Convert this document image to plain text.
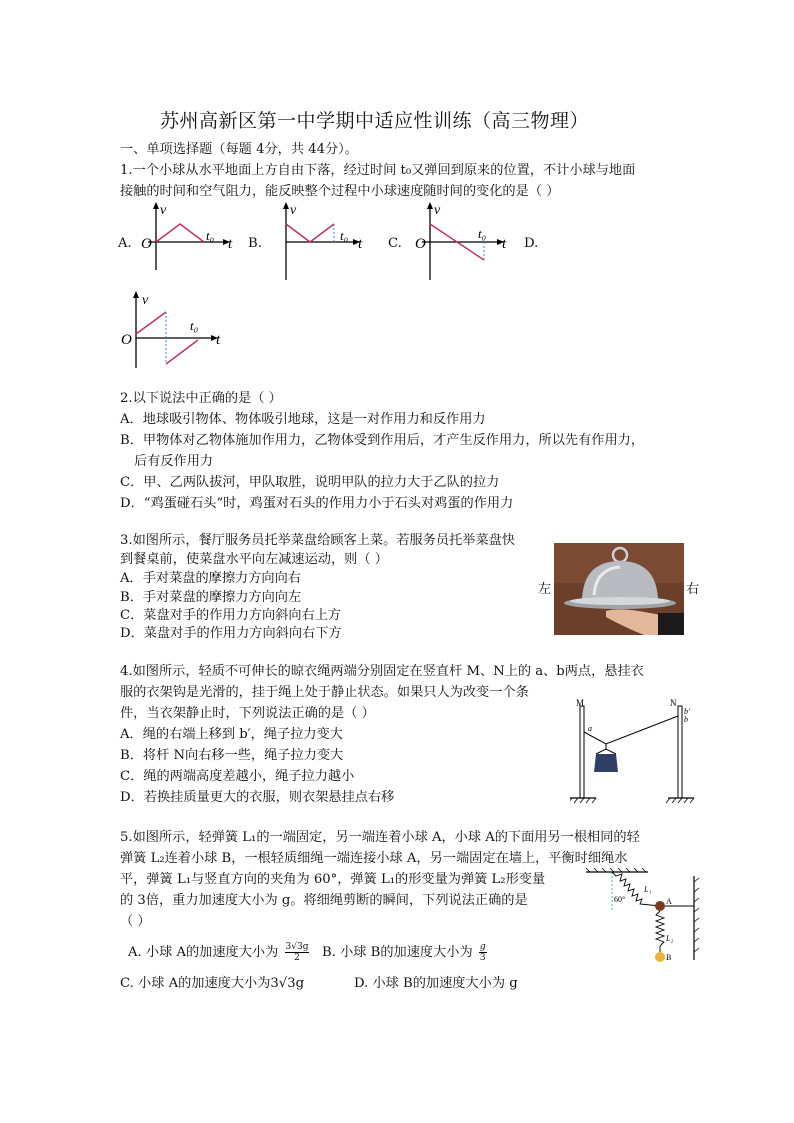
苏州高新区第一中学期中适应性训练（高三物理）
一、单项选择题（每题 4分，共 44分）。
1.一个小球从水平地面上方自由下落，经过时间 t₀又弹回到原来的位置，不计小球与地面
接触的时间和空气阻力，能反映整个过程中小球速度随时间的变化的是（ ）
A.
v
O
t₀
t B.
v
t₀
t C.
v
O
t₀
t D.
v
O
t₀
t
2.以下说法中正确的是（ ）
A．地球吸引物体、物体吸引地球，这是一对作用力和反作用力
B．甲物体对乙物体施加作用力，乙物体受到作用后，才产生反作用力，所以先有作用力，
后有反作用力
C．甲、乙两队拔河，甲队取胜，说明甲队的拉力大于乙队的拉力
D．“鸡蛋碰石头”时，鸡蛋对石头的作用力小于石头对鸡蛋的作用力
3.如图所示，餐厅服务员托举菜盘给顾客上菜。若服务员托举菜盘快
到餐桌前，使菜盘水平向左减速运动，则（ ）
A．手对菜盘的摩擦力方向向右
B．手对菜盘的摩擦力方向向左
C．菜盘对手的作用力方向斜向右上方
D．菜盘对手的作用力方向斜向右下方
左	右
4.如图所示，轻质不可伸长的晾衣绳两端分别固定在竖直杆 M、N上的 a、b两点，悬挂衣
服的衣架钩是光滑的，挂于绳上处于静止状态。如果只人为改变一个条
件，当衣架静止时，下列说法正确的是（ ）
A．绳的右端上移到 b′，绳子拉力变大
B．将杆 N向右移一些，绳子拉力变大
C．绳的两端高度差越小，绳子拉力越小
D．若换挂质量更大的衣服，则衣架悬挂点右移
M	N
a
b
b′
5.如图所示，轻弹簧 L₁的一端固定，另一端连着小球 A，小球 A的下面用另一根相同的轻
弹簧 L₂连着小球 B，一根轻质细绳一端连接小球 A，另一端固定在墙上，平衡时细绳水
平，弹簧 L₁与竖直方向的夹角为 60°，弹簧 L₁的形变量为弹簧 L₂形变量
的 3倍，重力加速度大小为 g。将细绳剪断的瞬间，下列说法正确的是
（ ）
A. 小球 A的加速度大小为 $\frac{3√3g}{2} B$. 小球 B的加速度大小为 $\frac{g}{3}$
C. 小球 A的加速度大小为3√3g	D. 小球 B的加速度大小为 g
60°
L₁
A
L₂
B
